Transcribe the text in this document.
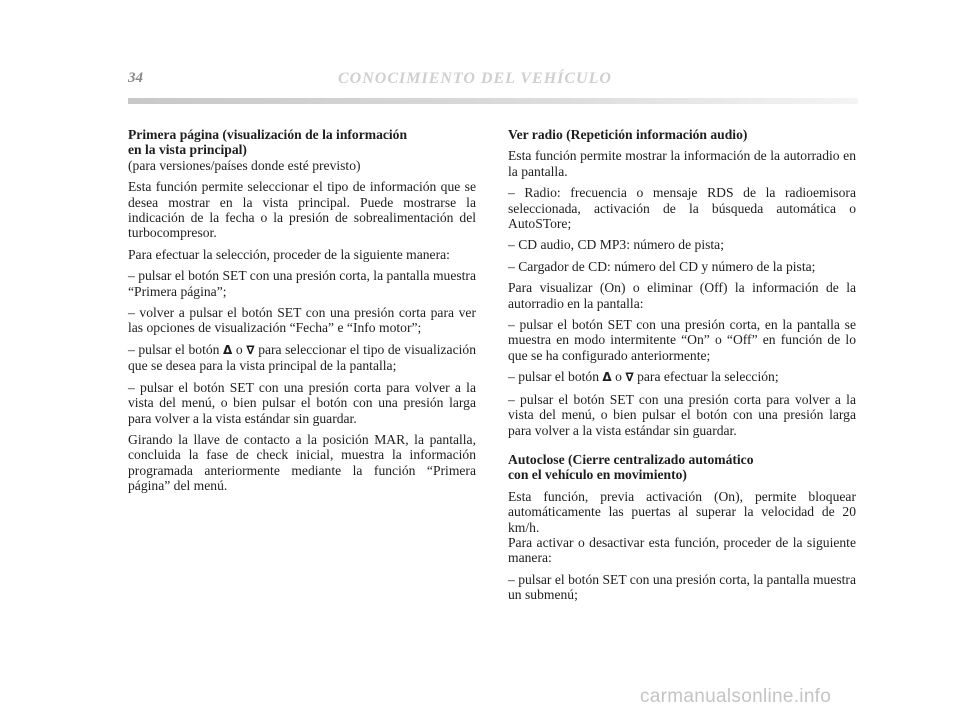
34	CONOCIMIENTO DEL VEHÍCULO

Primera página (visualización de la información
en la vista principal)

(para versiones/países donde esté previsto)

Esta función permite seleccionar el tipo de información que se desea mostrar en la vista principal. Puede mostrarse la indicación de la fecha o la presión de sobrealimentación del turbocompresor.

Para efectuar la selección, proceder de la siguiente manera:

– pulsar el botón SET con una presión corta, la pantalla muestra “Primera página”;

– volver a pulsar el botón SET con una presión corta para ver las opciones de visualización “Fecha” e “Info motor”;

– pulsar el botón Δ o ∇ para seleccionar el tipo de visualización que se desea para la vista principal de la pantalla;

– pulsar el botón SET con una presión corta para volver a la vista del menú, o bien pulsar el botón con una presión larga para volver a la vista estándar sin guardar.

Girando la llave de contacto a la posición MAR, la pantalla, concluida la fase de check inicial, muestra la información programada anteriormente mediante la función “Primera página” del menú.

Ver radio (Repetición información audio)

Esta función permite mostrar la información de la autorradio en la pantalla.

– Radio: frecuencia o mensaje RDS de la radioemisora seleccionada, activación de la búsqueda automática o AutoSTore;

– CD audio, CD MP3: número de pista;

– Cargador de CD: número del CD y número de la pista;

Para visualizar (On) o eliminar (Off) la información de la autorradio en la pantalla:

– pulsar el botón SET con una presión corta, en la pantalla se muestra en modo intermitente “On” o “Off” en función de lo que se ha configurado anteriormente;

– pulsar el botón Δ o ∇ para efectuar la selección;

– pulsar el botón SET con una presión corta para volver a la vista del menú, o bien pulsar el botón con una presión larga para volver a la vista estándar sin guardar.

Autoclose (Cierre centralizado automático
con el vehículo en movimiento)

Esta función, previa activación (On), permite bloquear automáticamente las puertas al superar la velocidad de 20 km/h.

Para activar o desactivar esta función, proceder de la siguiente manera:

– pulsar el botón SET con una presión corta, la pantalla muestra un submenú;

carmanualsonline.info
